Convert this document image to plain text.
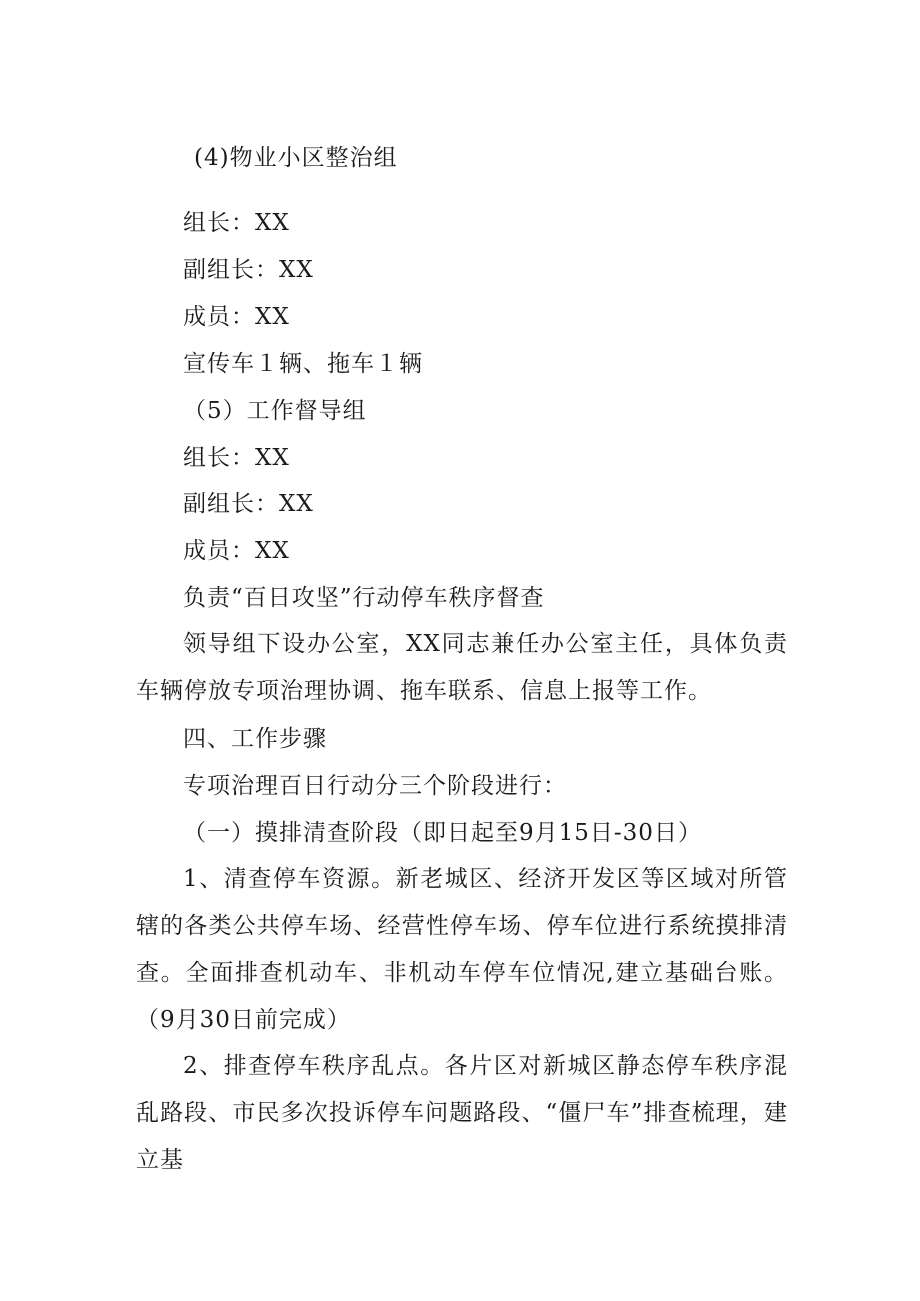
(4)物业小区整治组
组长：XX
副组长：XX
成员：XX
宣传车１辆、拖车１辆
（5）工作督导组
组长：XX
副组长：XX
成员：XX
负责“百日攻坚”行动停车秩序督查
领导组下设办公室，XX同志兼任办公室主任，具体负责车辆停放专项治理协调、拖车联系、信息上报等工作。
四、工作步骤
专项治理百日行动分三个阶段进行：
（一）摸排清查阶段（即日起至9月15日-30日）
1、清查停车资源。新老城区、经济开发区等区域对所管辖的各类公共停车场、经营性停车场、停车位进行系统摸排清查。全面排查机动车、非机动车停车位情况,建立基础台账。（9月30日前完成）
2、排查停车秩序乱点。各片区对新城区静态停车秩序混乱路段、市民多次投诉停车问题路段、“僵尸车”排查梳理，建立基
